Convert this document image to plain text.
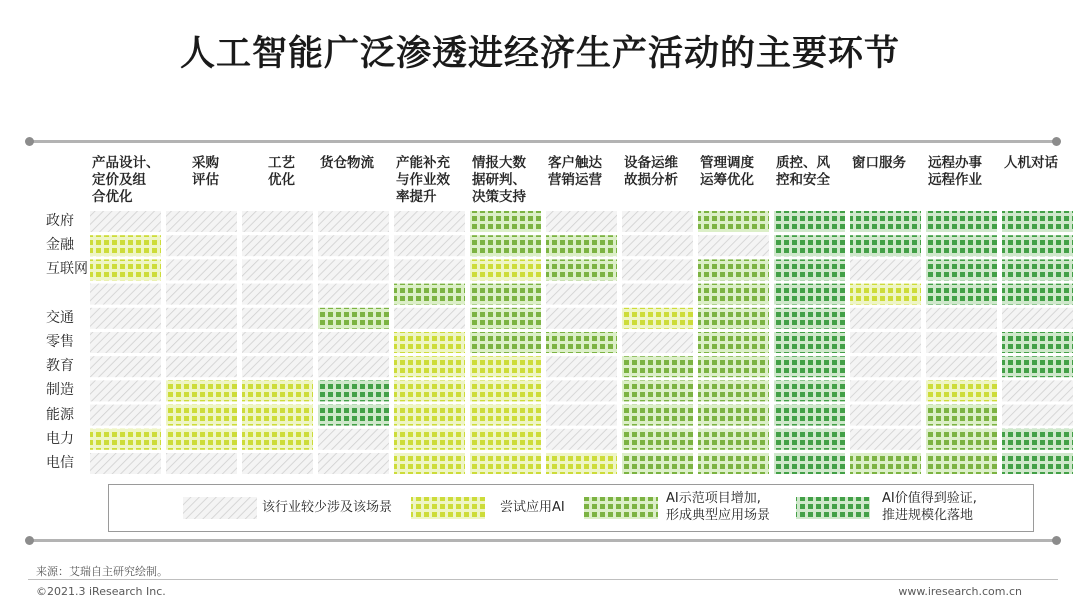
人工智能广泛渗透进经济生产活动的主要环节
产品设计、
定价及组
合优化
采购
评估
工艺
优化
货仓物流 产能补充
与作业效
率提升
情报大数
据研判、
决策支持
客户触达
营销运营
设备运维
故损分析
管理调度
运筹优化
质控、风
控和安全
窗口服务 远程办事
远程作业
人机对话
政府
金融
互联网
交通
零售
教育
制造
能源
电力
电信
该行业较少涉及该场景	尝试应用AI
AI示范项目增加,
形成典型应用场景
AI价值得到验证,
推进规模化落地
来源：艾瑞自主研究绘制。
©2021.3 iResearch Inc.	www.iresearch.com.cn
